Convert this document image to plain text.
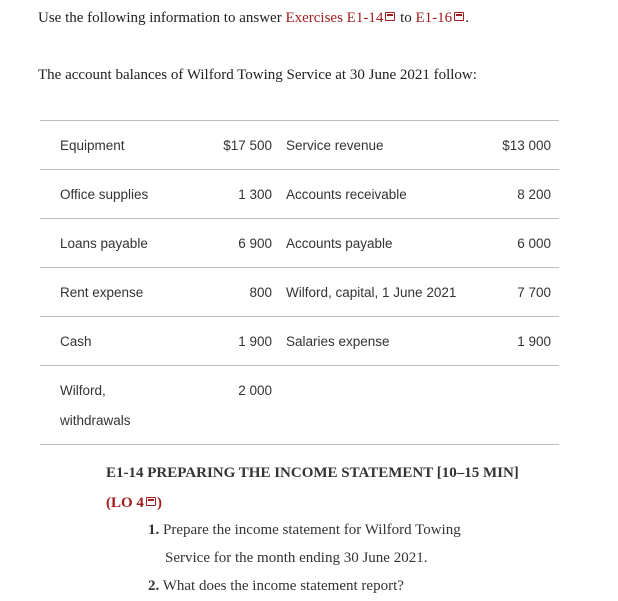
Use the following information to answer Exercises E1-14 to E1-16 .
The account balances of Wilford Towing Service at 30 June 2021 follow:
Equipment	$17 500	Service revenue	$13 000
Office supplies	1 300	Accounts receivable	8 200
Loans payable	6 900	Accounts payable	6 000
Rent expense	800	Wilford, capital, 1 June 2021	7 700
Cash	1 900	Salaries expense	1 900
Wilford, withdrawals	2 000		
E1-14 PREPARING THE INCOME STATEMENT [10–15 MIN]
(LO 4 )
1. Prepare the income statement for Wilford Towing
Service for the month ending 30 June 2021.
2. What does the income statement report?
